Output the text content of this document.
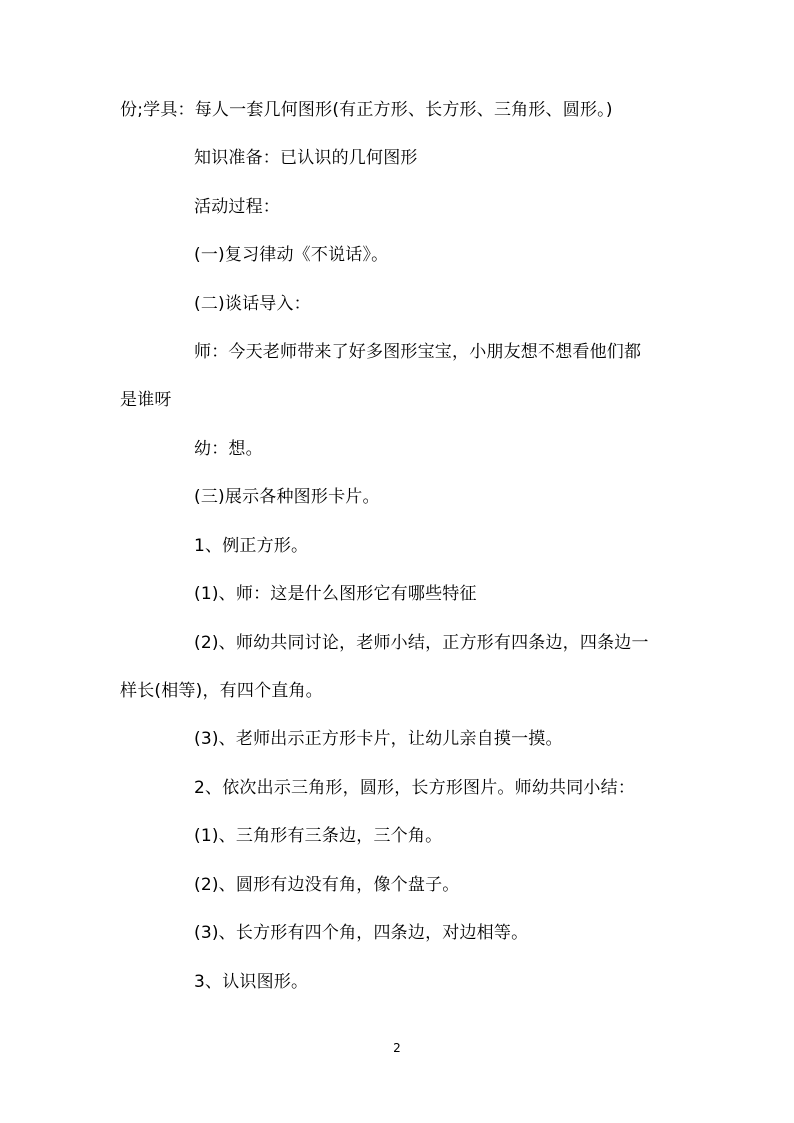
份;学具：每人一套几何图形(有正方形、长方形、三角形、圆形。)
知识准备：已认识的几何图形
活动过程：
(一)复习律动《不说话》。
(二)谈话导入：
师：今天老师带来了好多图形宝宝，小朋友想不想看他们都
是谁呀
幼：想。
(三)展示各种图形卡片。
1、例正方形。
(1)、师：这是什么图形它有哪些特征
(2)、师幼共同讨论，老师小结，正方形有四条边，四条边一
样长(相等)，有四个直角。
(3)、老师出示正方形卡片，让幼儿亲自摸一摸。
2、依次出示三角形，圆形，长方形图片。师幼共同小结：
(1)、三角形有三条边，三个角。
(2)、圆形有边没有角，像个盘子。
(3)、长方形有四个角，四条边，对边相等。
3、认识图形。
2
